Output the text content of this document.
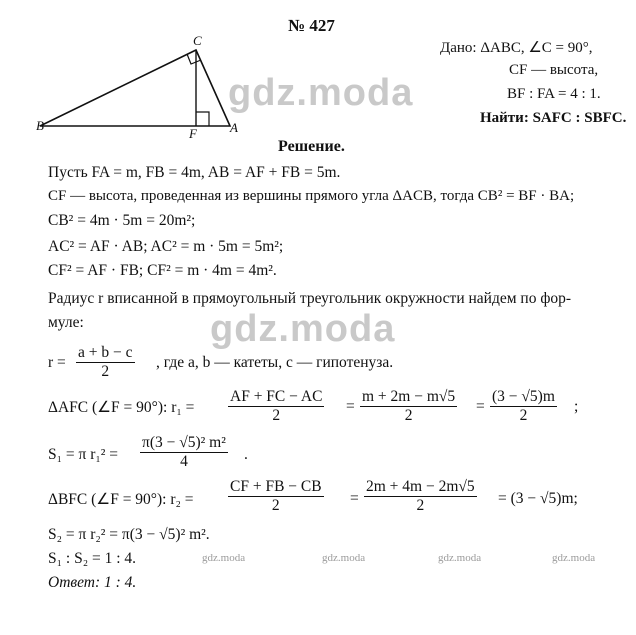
№ 427
Дано: ΔABC, ∠C = 90°,
CF — высота,
BF : FA = 4 : 1.
Найти: SAFC : SBFC.
C
B
F	A
gdz.moda
gdz.moda
Решение.
Пусть FA = m, FB = 4m, AB = AF + FB = 5m.
CF — высота, проведенная из вершины прямого угла ΔACB, тогда CB² = BF · BA;
CB² = 4m · 5m = 20m²;
AC² = AF · AB; AC² = m · 5m = 5m²;
CF² = AF · FB; CF² = m · 4m = 4m².
Радиус r вписанной в прямоугольный треугольник окружности найдем по фор-
муле:
$r = \frac{a + b - c}{2}$ , где a, b — катеты, c — гипотенуза.
ΔAFC (∠F = 90°): $r_1 = \frac{AF + FC - AC}{2} = \frac{m + 2m - m√5}{2} = \frac{(3 - √5)m}{2}$ ;
S₁ = π $r_1^2 = \frac{\text{π(3 − √5)² m²}}{4}$ .
ΔBFC (∠F = 90°): $r_2 = \frac{CF + FB - CB}{2} = \frac{2m + 4m - 2m√5}{2} = (3 - √5)m$;
S₂ = π r₂² = π(3 − √5)² m².
S₁ : S₂ = 1 : 4.
Ответ: 1 : 4.
gdz.moda	gdz.moda	gdz.moda	gdz.moda
